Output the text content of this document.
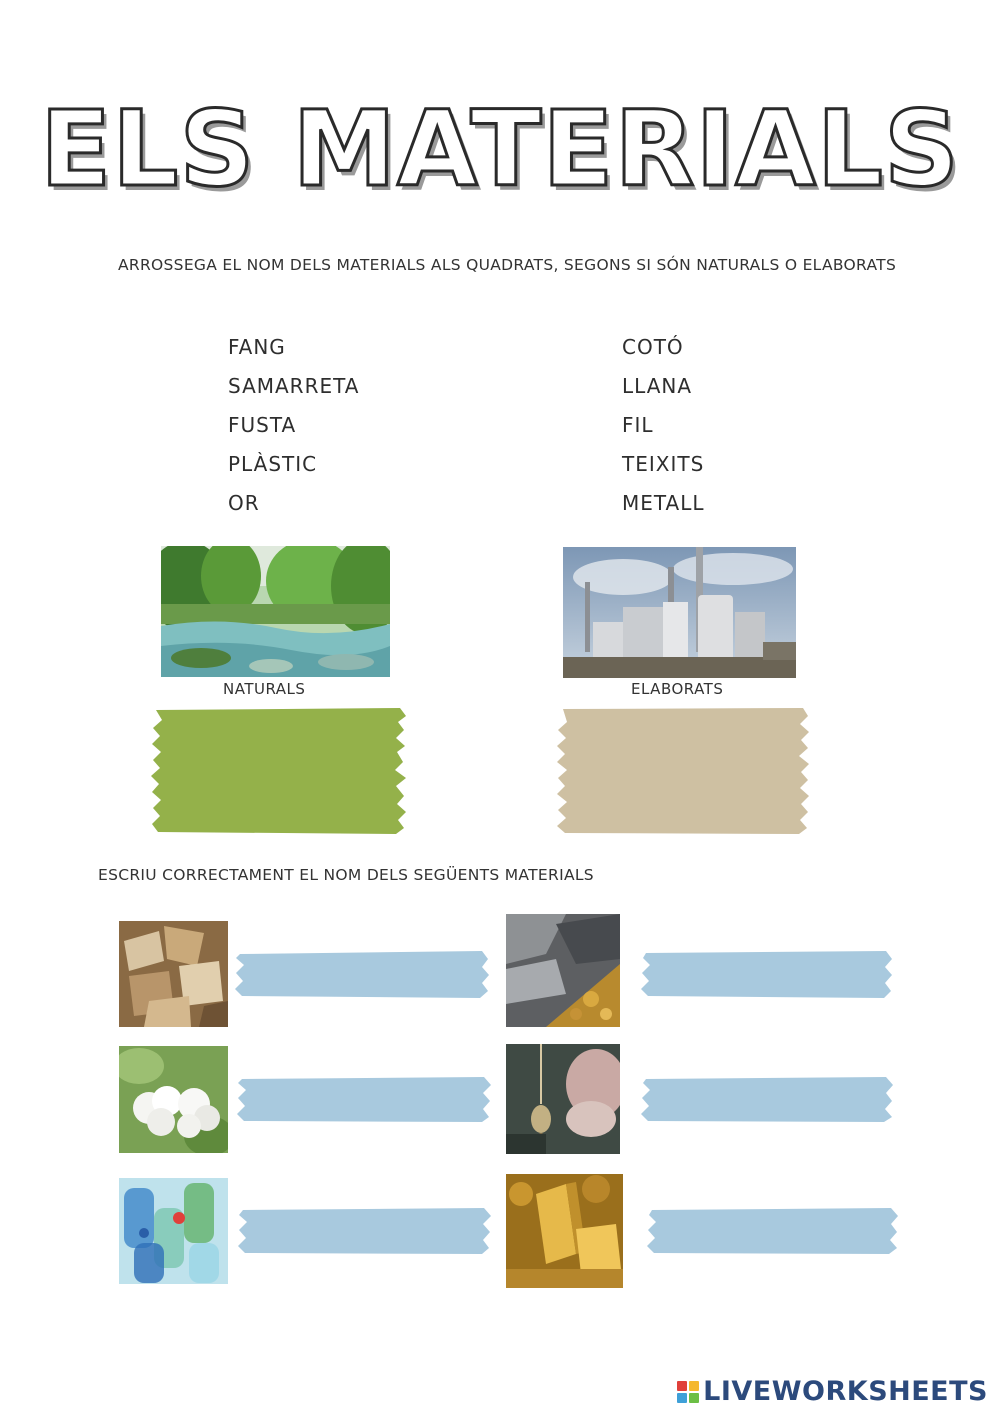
ELS MATERIALS
ARROSSEGA EL NOM DELS MATERIALS ALS QUADRATS, SEGONS SI SÓN NATURALS O ELABORATS
FANG
SAMARRETA
FUSTA
PLÀSTIC
OR
COTÓ
LLANA
FIL
TEIXITS
METALL
NATURALS	ELABORATS
ESCRIU CORRECTAMENT EL NOM DELS SEGÜENTS MATERIALS
LIVEWORKSHEETS
